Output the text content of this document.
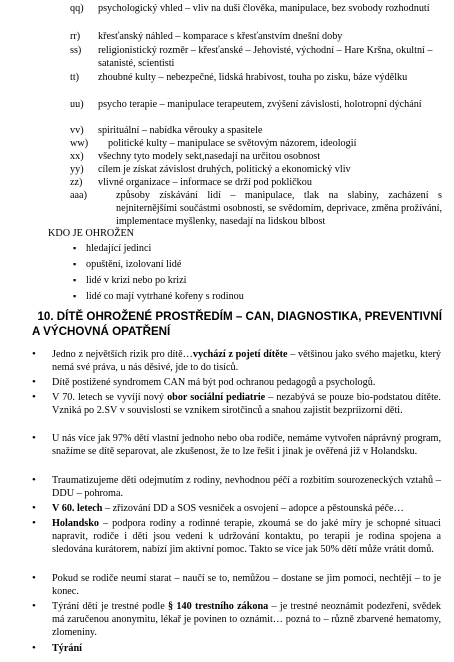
qq) psychologický vhled – vliv na duši člověka, manipulace, bez svobody rozhodnutí
rr) křesťanský náhled – komparace s křesťanstvím dnešní doby
ss) religionistický rozměr – křesťanské – Jehovisté, východní – Hare Kršna, okultní – satanisté, scientisti
tt) zhoubné kulty – nebezpečné, lidská hrabivost, touha po zisku, báze výdělku
uu) psycho terapie – manipulace terapeutem, zvýšení závislosti, holotropní dýchání
vv) spirituální – nabídka věrouky a spasitele
ww) politické kulty – manipulace se světovým názorem, ideologií
xx) všechny tyto modely sekt,nasedají na určitou osobnost
yy) cílem je získat závislost druhých, politický a ekonomický vliv
zz) vlivné organizace – informace se drží pod pokličkou
aaa)	způsoby získávání lidí – manipulace, tlak na slabiny, zacházení s nejniternějšími součástmi osobnosti, se svědomím, deprivace, změna prožívání, implementace myšlenky, nasedají na lidskou blbost
KDO JE OHROŽEN
▪ hledající jedinci
▪ opuštění, izolovaní lidé
▪ lidé v krizi nebo po krizi
▪ lidé co mají vytrhané kořeny s rodinou
10. DÍTĚ OHROŽENÉ PROSTŘEDÍM – CAN, DIAGNOSTIKA, PREVENTIVNÍ
A VÝCHOVNÁ OPATŘENÍ
• Jedno z největších rizik pro dítě…vychází z pojetí dítěte – většinou jako svého majetku, který nemá své práva, u nás děsivé, jde to do tisíců.
• Dítě postižené syndromem CAN má být pod ochranou pedagogů a psychologů.
• V 70. letech se vyvíjí nový obor sociální pediatrie – nezabývá se pouze bio-podstatou dítěte. Vzniká po 2.SV v souvislosti se vznikem sirotčinců a snahou zajistit bezpríizorní děti.
• U nás více jak 97% dětí vlastní jednoho nebo oba rodiče, nemáme vytvořen náprávný program, snažíme se dítě separovat, ale zkušenost, že to lze řešit i jinak je ověřená již v Holandsku.
• Traumatizujeme děti odejmutím z rodiny, nevhodnou péčí a rozbitím sourozeneckých vztahů – DDU – pohroma.
• V 60. letech – zřizování DD a SOS vesniček a osvojení – adopce a pěstounská péče…
• Holandsko – podpora rodiny a rodinné terapie, zkoumá se do jaké míry je schopné situaci napravit, rodiče i děti jsou vedeni k udržování kontaktu, po terapii je rodina spojena a sledována kurátorem, nabízí jim aktivní pomoc. Takto se více jak 50% dětí může vrátit domů.
• Pokud se rodiče neumí starat – naučí se to, nemůžou – dostane se jim pomoci, nechtějí – to je konec.
• Týrání dětí je trestné podle § 140 trestního zákona – je trestné neoznámit podezření, svědek má zaručenou anonymitu, lékař je povinen to oznámit… pozná to – různě zbarvené hematomy, zlomeniny.
• Týrání
